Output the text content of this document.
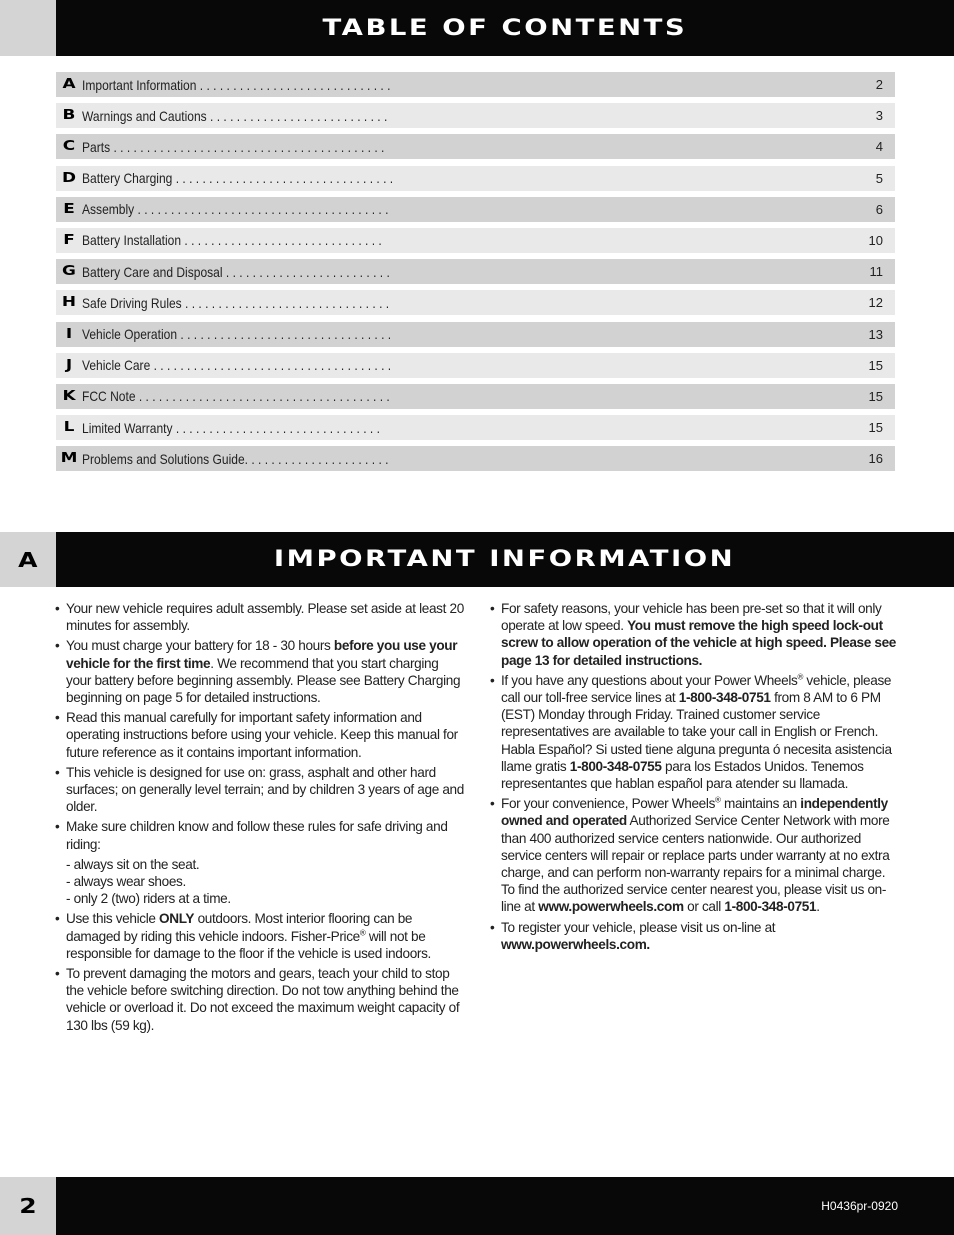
TABLE OF CONTENTS
A Important Information . . . . . . . . . . . . . . . . . . . . . . . . . . . . .	2
B Warnings and Cautions . . . . . . . . . . . . . . . . . . . . . . . . . . .	3
C Parts . . . . . . . . . . . . . . . . . . . . . . . . . . . . . . . . . . . . . . . . .	4
D Battery Charging . . . . . . . . . . . . . . . . . . . . . . . . . . . . . . . . .	5
E Assembly . . . . . . . . . . . . . . . . . . . . . . . . . . . . . . . . . . . . . .	6
F Battery Installation . . . . . . . . . . . . . . . . . . . . . . . . . . . . . .	10
G Battery Care and Disposal . . . . . . . . . . . . . . . . . . . . . . . . .	11
H Safe Driving Rules . . . . . . . . . . . . . . . . . . . . . . . . . . . . . . .	12
I Vehicle Operation . . . . . . . . . . . . . . . . . . . . . . . . . . . . . . . .	13
J Vehicle Care . . . . . . . . . . . . . . . . . . . . . . . . . . . . . . . . . . . .	15
K FCC Note . . . . . . . . . . . . . . . . . . . . . . . . . . . . . . . . . . . . . .	15
L Limited Warranty . . . . . . . . . . . . . . . . . . . . . . . . . . . . . . .	15
M Problems and Solutions Guide. . . . . . . . . . . . . . . . . . . . . .	16
A	IMPORTANT INFORMATION
• Your new vehicle requires adult assembly. Please set aside at least 20 minutes for assembly.
• You must charge your battery for 18 - 30 hours before you use your vehicle for the first time. We recommend that you start charging your battery before beginning assembly. Please see Battery Charging beginning on page 5 for detailed instructions.
• Read this manual carefully for important safety information and operating instructions before using your vehicle. Keep this manual for future reference as it contains important information.
• This vehicle is designed for use on: grass, asphalt and other hard surfaces; on generally level terrain; and by children 3 years of age and older.
• Make sure children know and follow these rules for safe driving and riding:
- always sit on the seat.
- always wear shoes.
- only 2 (two) riders at a time.
• Use this vehicle ONLY outdoors. Most interior flooring can be damaged by riding this vehicle indoors. Fisher-Price® will not be responsible for damage to the floor if the vehicle is used indoors.
• To prevent damaging the motors and gears, teach your child to stop the vehicle before switching direction. Do not tow anything behind the vehicle or overload it. Do not exceed the maximum weight capacity of 130 lbs (59 kg).
• For safety reasons, your vehicle has been pre-set so that it will only operate at low speed. You must remove the high speed lock-out screw to allow operation of the vehicle at high speed. Please see page 13 for detailed instructions.
• If you have any questions about your Power Wheels® vehicle, please call our toll-free service lines at 1-800-348-0751 from 8 AM to 6 PM (EST) Monday through Friday. Trained customer service representatives are available to take your call in English or French. Habla Español? Si usted tiene alguna pregunta ó necesita asistencia llame gratis 1-800-348-0755 para los Estados Unidos. Tenemos representantes que hablan español para atender su llamada.
• For your convenience, Power Wheels® maintains an independently owned and operated Authorized Service Center Network with more than 400 authorized service centers nationwide. Our authorized service centers will repair or replace parts under warranty at no extra charge, and can perform non-warranty repairs for a minimal charge. To find the authorized service center nearest you, please visit us on-line at www.powerwheels.com or call 1-800-348-0751.
• To register your vehicle, please visit us on-line at www.powerwheels.com.
2	H0436pr-0920
